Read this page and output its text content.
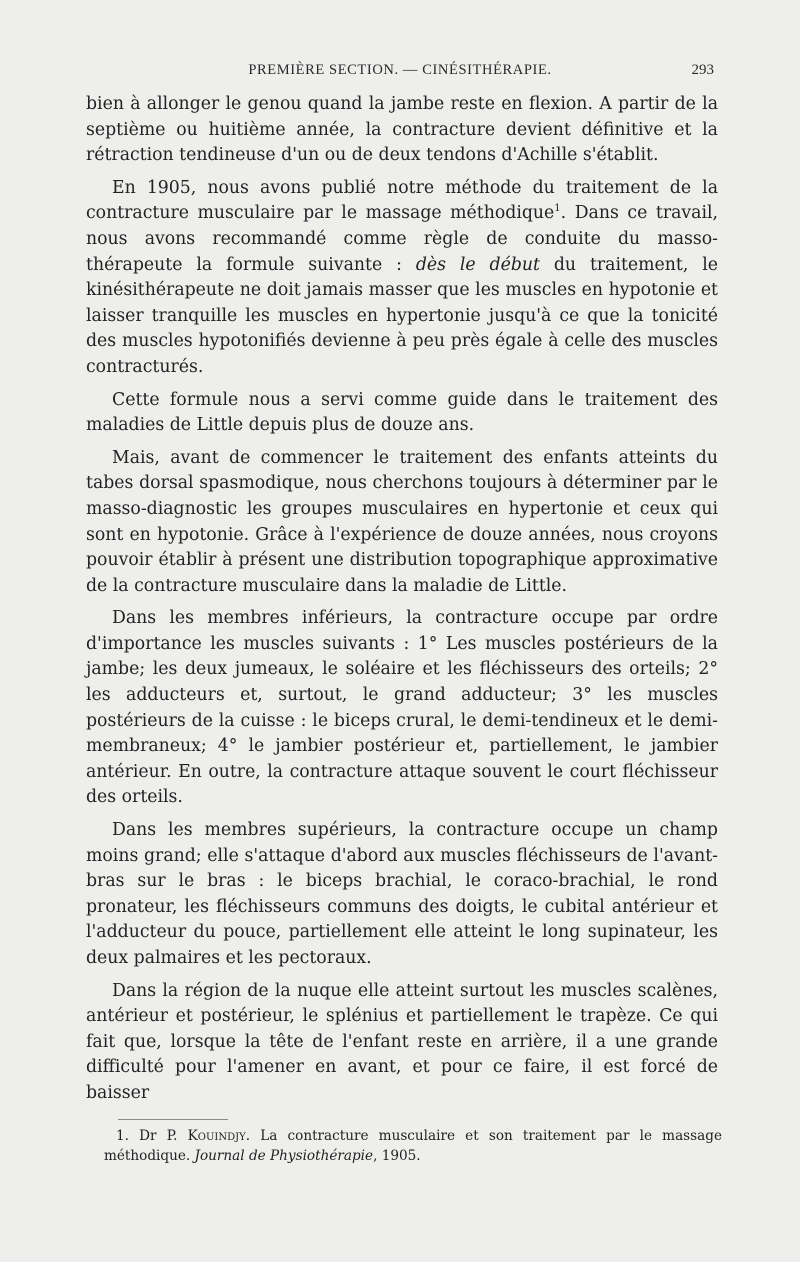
PREMIÈRE SECTION. — CINÉSITHÉRAPIE.	293

bien à allonger le genou quand la jambe reste en flexion. A partir de la septième ou huitième année, la contracture devient définitive et la rétraction tendineuse d'un ou de deux tendons d'Achille s'établit.

En 1905, nous avons publié notre méthode du traitement de la contracture musculaire par le massage méthodique$^1$. Dans ce travail, nous avons recommandé comme règle de conduite du masso-thérapeute la formule suivante : dès le début du traitement, le kinésithérapeute ne doit jamais masser que les muscles en hypotonie et laisser tranquille les muscles en hypertonie jusqu'à ce que la tonicité des muscles hypotonifiés devienne à peu près égale à celle des muscles contracturés.

Cette formule nous a servi comme guide dans le traitement des maladies de Little depuis plus de douze ans.

Mais, avant de commencer le traitement des enfants atteints du tabes dorsal spasmodique, nous cherchons toujours à déterminer par le masso-diagnostic les groupes musculaires en hypertonie et ceux qui sont en hypotonie. Grâce à l'expérience de douze années, nous croyons pouvoir établir à présent une distribution topographique approximative de la contracture musculaire dans la maladie de Little.

Dans les membres inférieurs, la contracture occupe par ordre d'importance les muscles suivants : 1° Les muscles postérieurs de la jambe; les deux jumeaux, le soléaire et les fléchisseurs des orteils; 2° les adducteurs et, surtout, le grand adducteur; 3° les muscles postérieurs de la cuisse : le biceps crural, le demi-tendineux et le demi-membraneux; 4° le jambier postérieur et, partiellement, le jambier antérieur. En outre, la contracture attaque souvent le court fléchisseur des orteils.

Dans les membres supérieurs, la contracture occupe un champ moins grand; elle s'attaque d'abord aux muscles fléchisseurs de l'avant-bras sur le bras : le biceps brachial, le coraco-brachial, le rond pronateur, les fléchisseurs communs des doigts, le cubital antérieur et l'adducteur du pouce, partiellement elle atteint le long supinateur, les deux palmaires et les pectoraux.

Dans la région de la nuque elle atteint surtout les muscles scalènes, antérieur et postérieur, le splénius et partiellement le trapèze. Ce qui fait que, lorsque la tête de l'enfant reste en arrière, il a une grande difficulté pour l'amener en avant, et pour ce faire, il est forcé de baisser

1. Dr P. Kouindjy. La contracture musculaire et son traitement par le massage méthodique. Journal de Physiothérapie, 1905.
